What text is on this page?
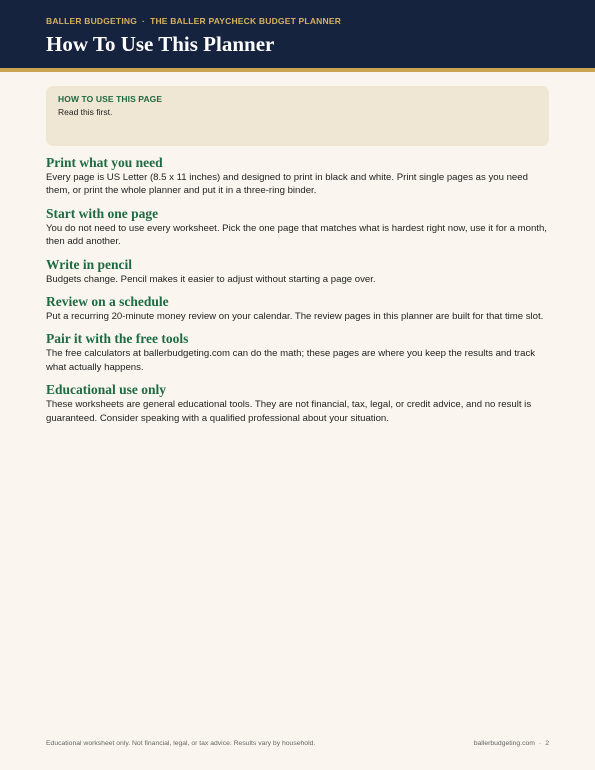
BALLER BUDGETING · THE BALLER PAYCHECK BUDGET PLANNER
How To Use This Planner
HOW TO USE THIS PAGE
Read this first.
Print what you need

Every page is US Letter (8.5 x 11 inches) and designed to print in black and white. Print single pages as you need them, or print the whole planner and put it in a three-ring binder.

Start with one page

You do not need to use every worksheet. Pick the one page that matches what is hardest right now, use it for a month, then add another.

Write in pencil

Budgets change. Pencil makes it easier to adjust without starting a page over.

Review on a schedule

Put a recurring 20-minute money review on your calendar. The review pages in this planner are built for that time slot.

Pair it with the free tools

The free calculators at ballerbudgeting.com can do the math; these pages are where you keep the results and track what actually happens.

Educational use only

These worksheets are general educational tools. They are not financial, tax, legal, or credit advice, and no result is guaranteed. Consider speaking with a qualified professional about your situation.

Educational worksheet only. Not financial, legal, or tax advice. Results vary by household.	ballerbudgeting.com · 2
